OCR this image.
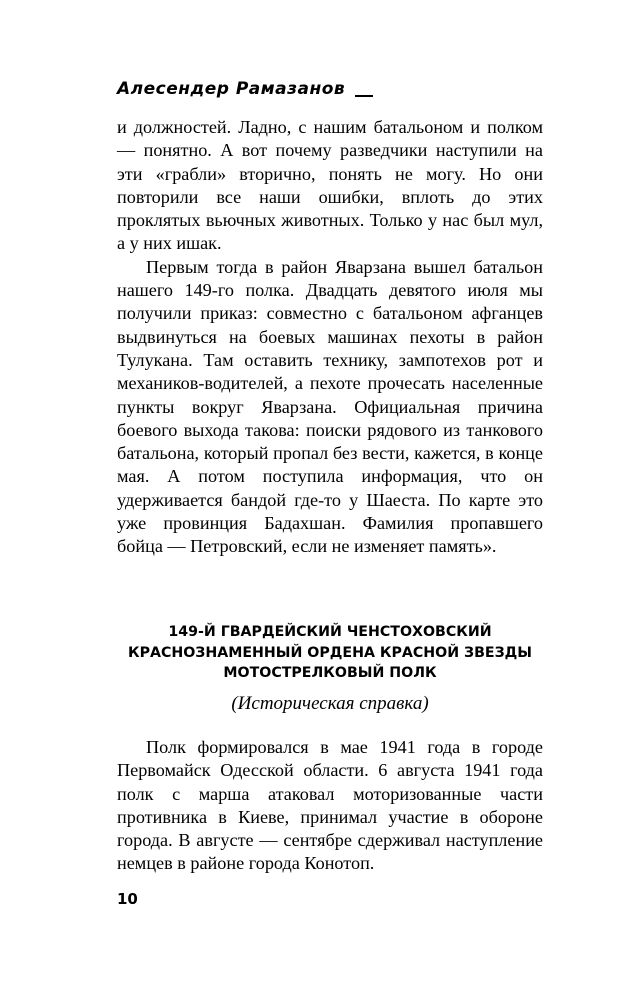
Алесендер Рамазанов

и должностей. Ладно, с нашим батальоном и полком — понятно. А вот почему разведчики наступили на эти «грабли» вторично, понять не могу. Но они повторили все наши ошибки, вплоть до этих проклятых вьючных животных. Только у нас был мул, а у них ишак.

Первым тогда в район Яварзана вышел батальон нашего 149-го полка. Двадцать девятого июля мы получили приказ: совместно с батальоном афганцев выдвинуться на боевых машинах пехоты в район Тулукана. Там оставить технику, зампотехов рот и механиков-водителей, а пехоте прочесать населенные пункты вокруг Яварзана. Официальная причина боевого выхода такова: поиски рядового из танкового батальона, который пропал без вести, кажется, в конце мая. А потом поступила информация, что он удерживается бандой где-то у Шаеста. По карте это уже провинция Бадахшан. Фамилия пропавшего бойца — Петровский, если не изменяет память».

149-Й ГВАРДЕЙСКИЙ ЧЕНСТОХОВСКИЙ
КРАСНОЗНАМЕННЫЙ ОРДЕНА КРАСНОЙ ЗВЕЗДЫ
МОТОСТРЕЛКОВЫЙ ПОЛК
(Историческая справка)

Полк формировался в мае 1941 года в городе Первомайск Одесской области. 6 августа 1941 года полк с марша атаковал моторизованные части противника в Киеве, принимал участие в обороне города. В августе — сентябре сдерживал наступление немцев в районе города Конотоп.

10
